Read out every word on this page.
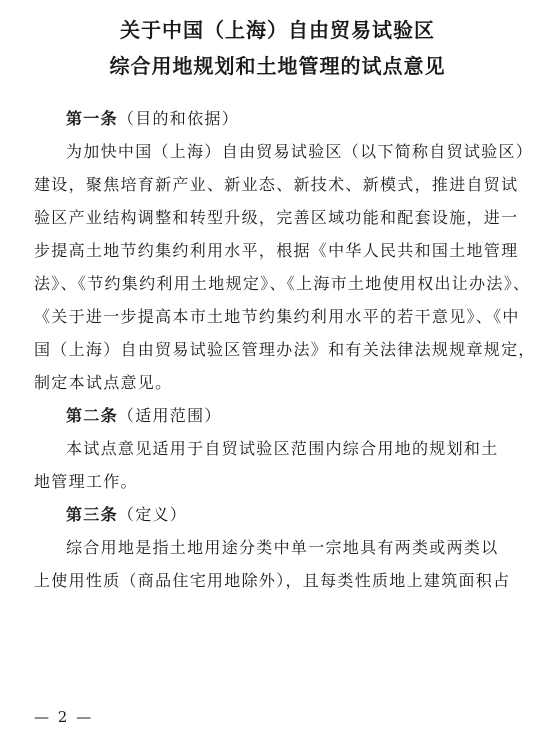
关于中国（上海）自由贸易试验区
综合用地规划和土地管理的试点意见

第一条（目的和依据）

为加快中国（上海）自由贸易试验区（以下简称自贸试验区）
建设，聚焦培育新产业、新业态、新技术、新模式，推进自贸试
验区产业结构调整和转型升级，完善区域功能和配套设施，进一
步提高土地节约集约利用水平，根据《中华人民共和国土地管理
法》、《节约集约利用土地规定》、《上海市土地使用权出让办法》、
《关于进一步提高本市土地节约集约利用水平的若干意见》、《中
国（上海）自由贸易试验区管理办法》和有关法律法规规章规定，
制定本试点意见。

第二条（适用范围）

本试点意见适用于自贸试验区范围内综合用地的规划和土
地管理工作。

第三条（定义）

综合用地是指土地用途分类中单一宗地具有两类或两类以
上使用性质（商品住宅用地除外），且每类性质地上建筑面积占

— 2 —
